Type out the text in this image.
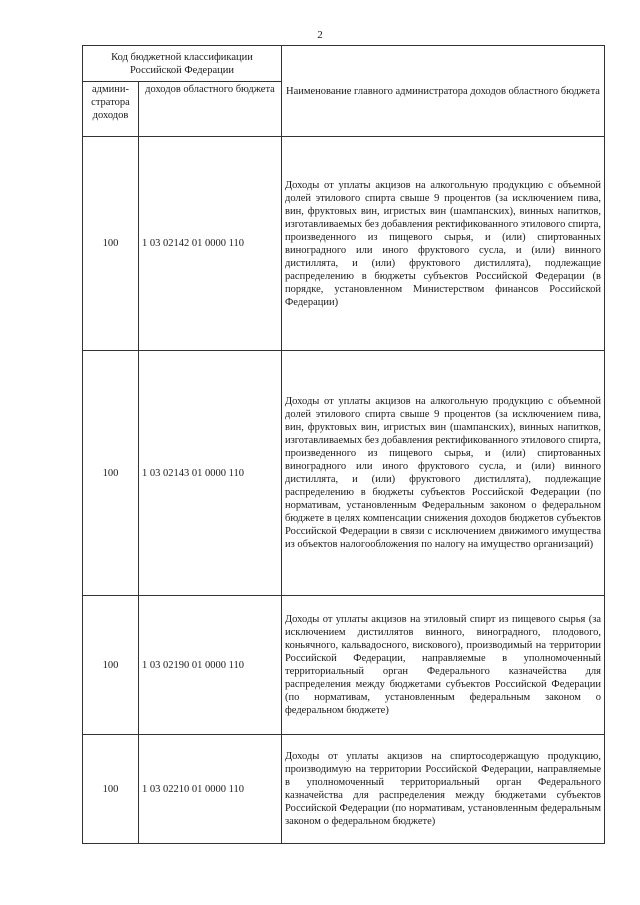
2
Код бюджетной классификации Российской Федерации		Наименование главного администратора доходов областного бюджета
админи-стратора доходов	доходов областного бюджета	
100	1 03 02142 01 0000 110	Доходы от уплаты акцизов на алкогольную продукцию с объемной долей этилового спирта свыше 9 процентов (за исключением пива, вин, фруктовых вин, игристых вин (шампанских), винных напитков, изготавливаемых без добавления ректификованного этилового спирта, произведенного из пищевого сырья, и (или) спиртованных виноградного или иного фруктового сусла, и (или) винного дистиллята, и (или) фруктового дистиллята), подлежащие распределению в бюджеты субъектов Российской Федерации (в порядке, установленном Министерством финансов Российской Федерации)
100	1 03 02143 01 0000 110	Доходы от уплаты акцизов на алкогольную продукцию с объемной долей этилового спирта свыше 9 процентов (за исключением пива, вин, фруктовых вин, игристых вин (шампанских), винных напитков, изготавливаемых без добавления ректификованного этилового спирта, произведенного из пищевого сырья, и (или) спиртованных виноградного или иного фруктового сусла, и (или) винного дистиллята, и (или) фруктового дистиллята), подлежащие распределению в бюджеты субъектов Российской Федерации (по нормативам, установленным Федеральным законом о федеральном бюджете в целях компенсации снижения доходов бюджетов субъектов Российской Федерации в связи с исключением движимого имущества из объектов налогообложения по налогу на имущество организаций)
100	1 03 02190 01 0000 110	Доходы от уплаты акцизов на этиловый спирт из пищевого сырья (за исключением дистиллятов винного, виноградного, плодового, коньячного, кальвадосного, вискового), производимый на территории Российской Федерации, направляемые в уполномоченный территориальный орган Федерального казначейства для распределения между бюджетами субъектов Российской Федерации (по нормативам, установленным федеральным законом о федеральном бюджете)
100	1 03 02210 01 0000 110	Доходы от уплаты акцизов на спиртосодержащую продукцию, производимую на территории Российской Федерации, направляемые в уполномоченный территориальный орган Федерального казначейства для распределения между бюджетами субъектов Российской Федерации (по нормативам, установленным федеральным законом о федеральном бюджете)
